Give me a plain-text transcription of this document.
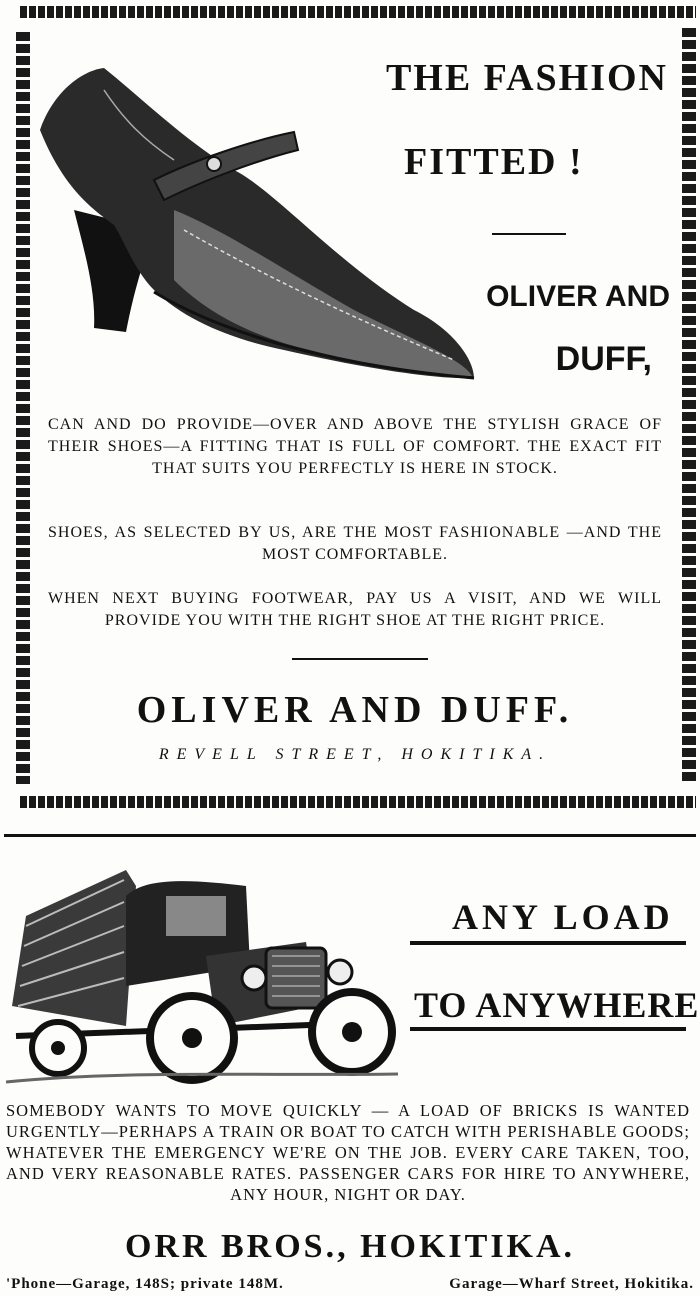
THE FASHION
FITTED !
OLIVER AND
DUFF,
CAN AND DO PROVIDE—OVER AND ABOVE THE STYLISH GRACE OF THEIR SHOES—A FITTING THAT IS FULL OF COMFORT. THE EXACT FIT THAT SUITS YOU PERFECTLY IS HERE IN STOCK.
SHOES, AS SELECTED BY US, ARE THE MOST FASHIONABLE —AND THE MOST COMFORTABLE.
WHEN NEXT BUYING FOOTWEAR, PAY US A VISIT, AND WE WILL PROVIDE YOU WITH THE RIGHT SHOE AT THE RIGHT PRICE.
OLIVER AND DUFF.
REVELL STREET, HOKITIKA.
ANY LOAD
TO ANYWHERE
SOMEBODY WANTS TO MOVE QUICKLY — A LOAD OF BRICKS IS WANTED URGENTLY—PERHAPS A TRAIN OR BOAT TO CATCH WITH PERISHABLE GOODS; WHATEVER THE EMERGENCY WE'RE ON THE JOB. EVERY CARE TAKEN, TOO, AND VERY REASONABLE RATES. PASSENGER CARS FOR HIRE TO ANYWHERE, ANY HOUR, NIGHT OR DAY.
ORR BROS., HOKITIKA.
'Phone—Garage, 148S; private 148M.	Garage—Wharf Street, Hokitika.
